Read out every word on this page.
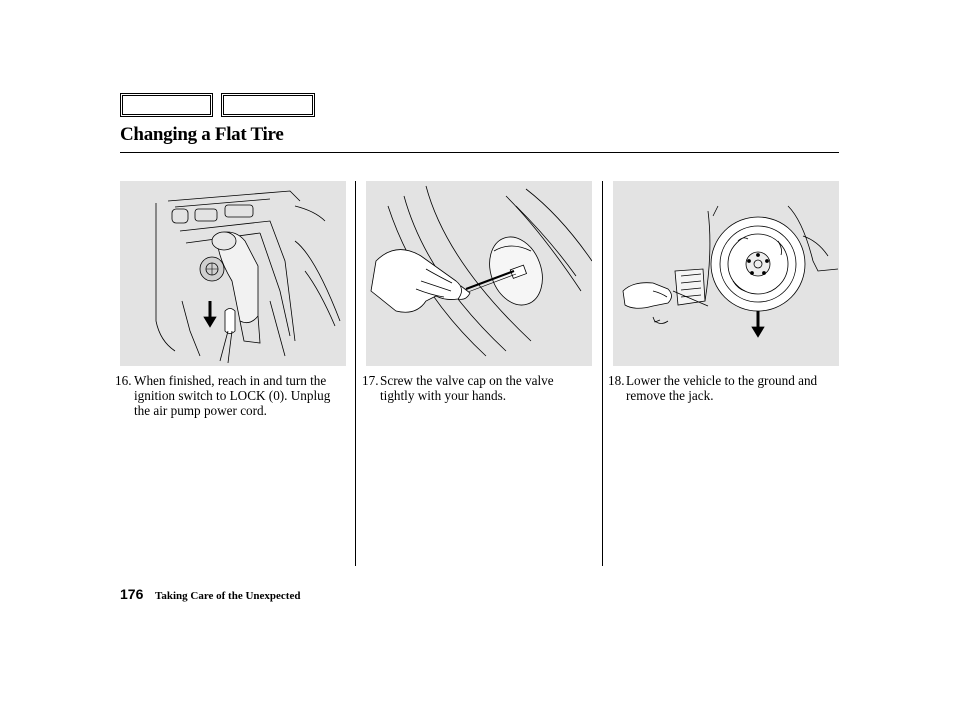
Changing a Flat Tire
16. When finished, reach in and turn the ignition switch to LOCK (0). Unplug the air pump power cord.
17. Screw the valve cap on the valve tightly with your hands.
18. Lower the vehicle to the ground and remove the jack.
176 Taking Care of the Unexpected
